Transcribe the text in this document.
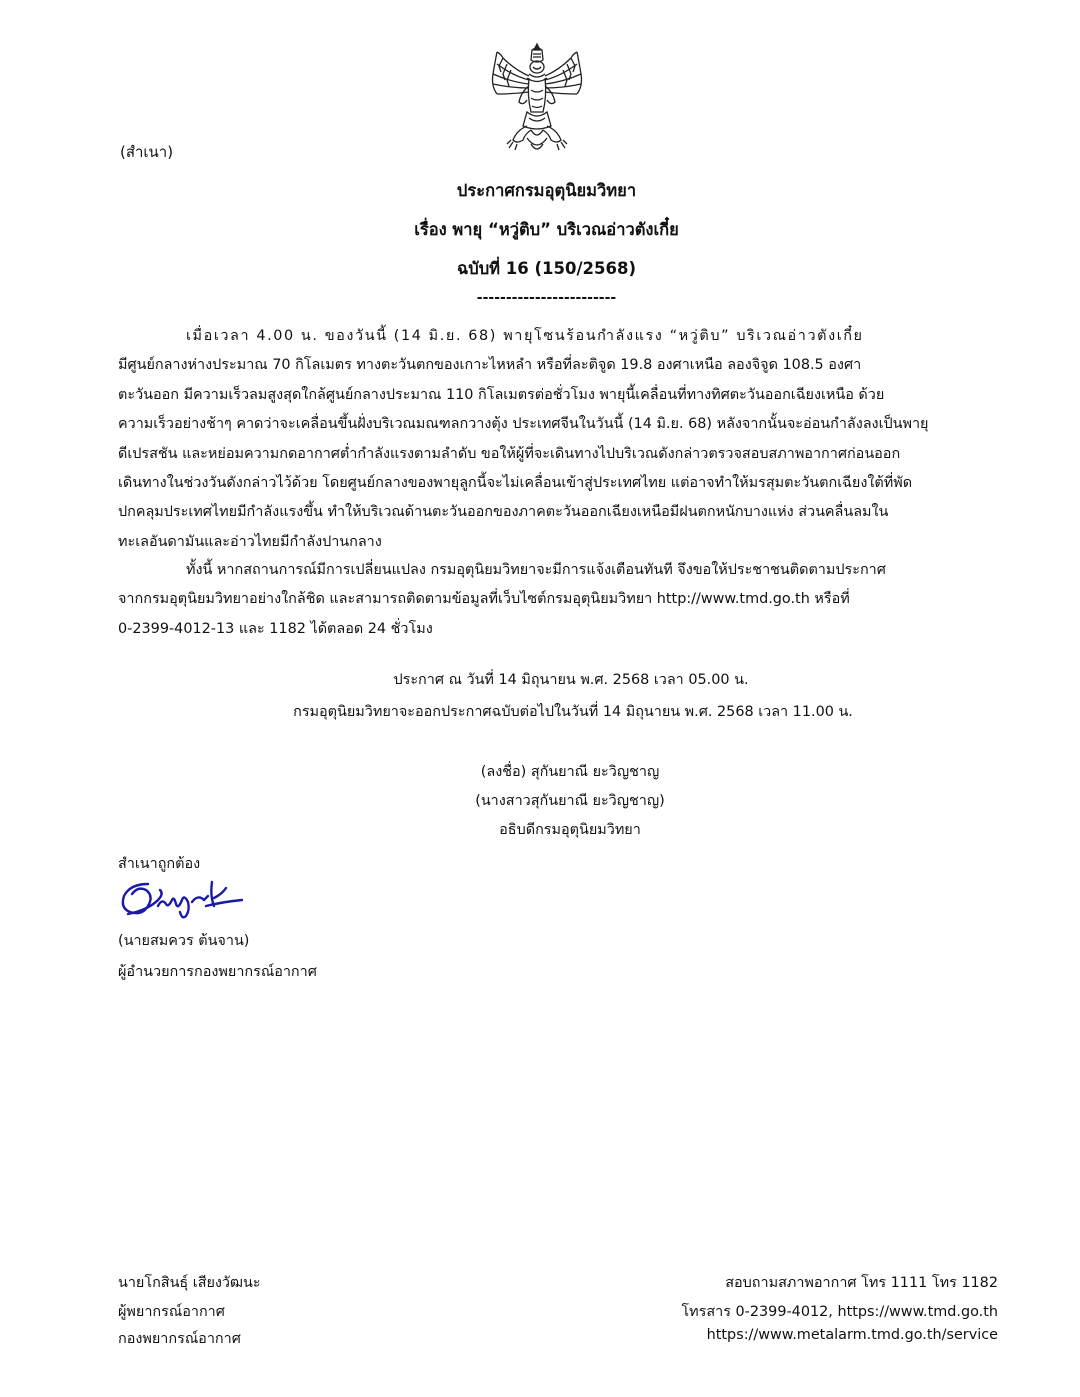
(สำเนา)
ประกาศกรมอุตุนิยมวิทยา
เรื่อง พายุ “หวู่ติบ” บริเวณอ่าวตังเกี๋ย
ฉบับที่ 16 (150/2568)
------------------------
เมื่อเวลา 4.00 น. ของวันนี้ (14 มิ.ย. 68) พายุโซนร้อนกำลังแรง “หวู่ติบ” บริเวณอ่าวตังเกี๋ย
มีศูนย์กลางห่างประมาณ 70 กิโลเมตร ทางตะวันตกของเกาะไหหลำ หรือที่ละติจูด 19.8 องศาเหนือ ลองจิจูด 108.5 องศา
ตะวันออก มีความเร็วลมสูงสุดใกล้ศูนย์กลางประมาณ 110 กิโลเมตรต่อชั่วโมง พายุนี้เคลื่อนที่ทางทิศตะวันออกเฉียงเหนือ ด้วย
ความเร็วอย่างช้าๆ คาดว่าจะเคลื่อนขึ้นฝั่งบริเวณมณฑลกวางตุ้ง ประเทศจีนในวันนี้ (14 มิ.ย. 68) หลังจากนั้นจะอ่อนกำลังลงเป็นพายุ
ดีเปรสชัน และหย่อมความกดอากาศต่ำกำลังแรงตามลำดับ ขอให้ผู้ที่จะเดินทางไปบริเวณดังกล่าวตรวจสอบสภาพอากาศก่อนออก
เดินทางในช่วงวันดังกล่าวไว้ด้วย โดยศูนย์กลางของพายุลูกนี้จะไม่เคลื่อนเข้าสู่ประเทศไทย แต่อาจทำให้มรสุมตะวันตกเฉียงใต้ที่พัด
ปกคลุมประเทศไทยมีกำลังแรงขึ้น ทำให้บริเวณด้านตะวันออกของภาคตะวันออกเฉียงเหนือมีฝนตกหนักบางแห่ง ส่วนคลื่นลมใน
ทะเลอันดามันและอ่าวไทยมีกำลังปานกลาง
ทั้งนี้ หากสถานการณ์มีการเปลี่ยนแปลง กรมอุตุนิยมวิทยาจะมีการแจ้งเตือนทันที จึงขอให้ประชาชนติดตามประกาศ
จากกรมอุตุนิยมวิทยาอย่างใกล้ชิด และสามารถติดตามข้อมูลที่เว็บไซต์กรมอุตุนิยมวิทยา http://www.tmd.go.th หรือที่
0-2399-4012-13 และ 1182 ได้ตลอด 24 ชั่วโมง
ประกาศ ณ วันที่ 14 มิถุนายน พ.ศ. 2568 เวลา 05.00 น.
กรมอุตุนิยมวิทยาจะออกประกาศฉบับต่อไปในวันที่ 14 มิถุนายน พ.ศ. 2568 เวลา 11.00 น.
(ลงชื่อ) สุกันยาณี ยะวิญชาญ
(นางสาวสุกันยาณี ยะวิญชาญ)
อธิบดีกรมอุตุนิยมวิทยา
สำเนาถูกต้อง
(นายสมควร ต้นจาน)
ผู้อำนวยการกองพยากรณ์อากาศ
นายโกสินธุ์ เสียงวัฒนะ
ผู้พยากรณ์อากาศ
กองพยากรณ์อากาศ
สอบถามสภาพอากาศ โทร 1111 โทร 1182
โทรสาร 0-2399-4012, https://www.tmd.go.th
https://www.metalarm.tmd.go.th/service
